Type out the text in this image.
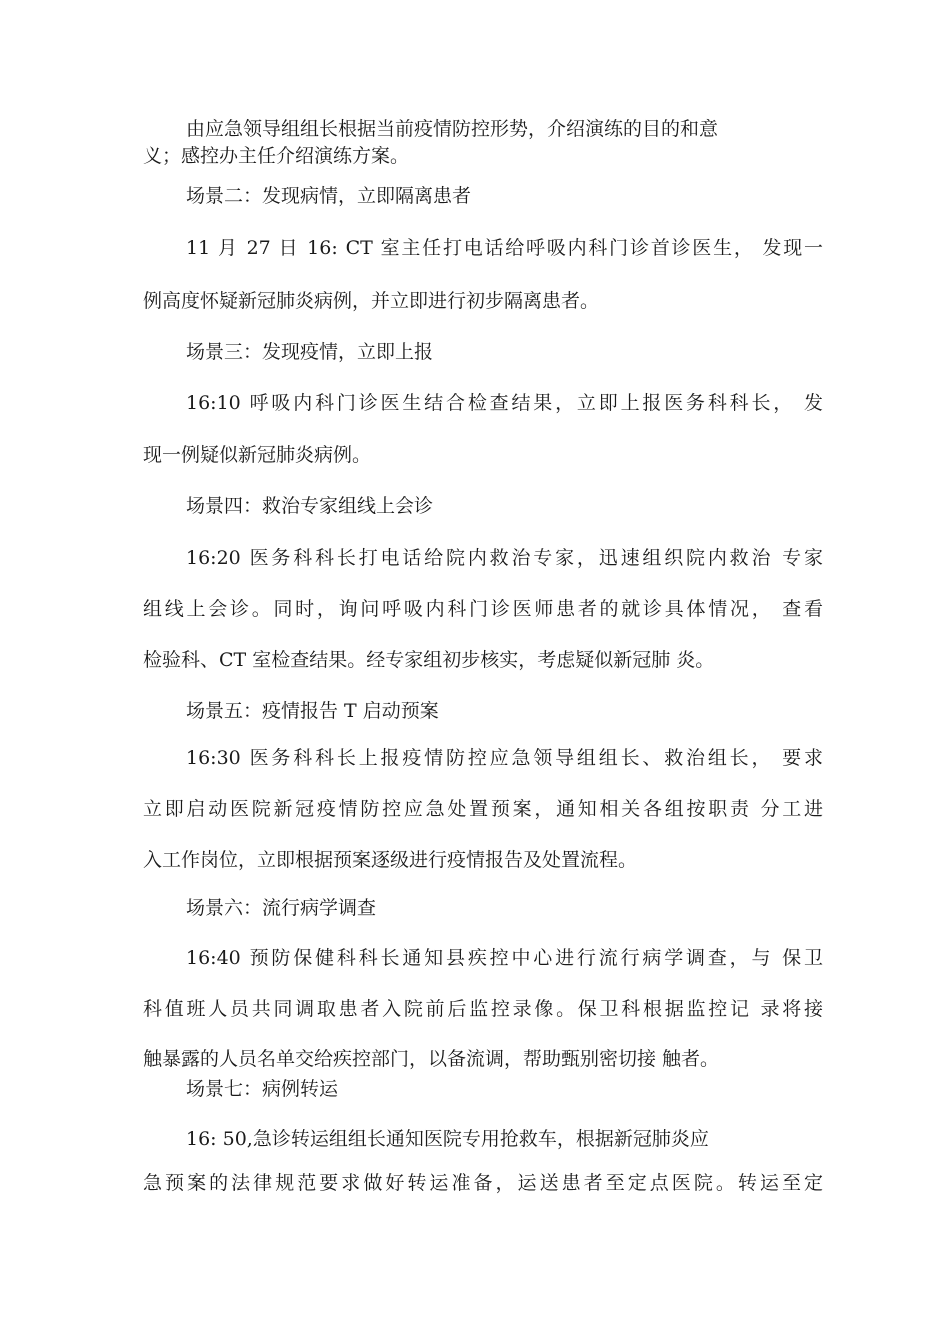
由应急领导组组长根据当前疫情防控形势，介绍演练的目的和意
义；感控办主任介绍演练方案。
场景二：发现病情，立即隔离患者
11 月 27 日 16: CT 室主任打电话给呼吸内科门诊首诊医生， 发现一
例高度怀疑新冠肺炎病例，并立即进行初步隔离患者。
场景三：发现疫情，立即上报
16:10 呼吸内科门诊医生结合检查结果，立即上报医务科科长， 发
现一例疑似新冠肺炎病例。
场景四：救治专家组线上会诊
16:20 医务科科长打电话给院内救治专家，迅速组织院内救治 专家
组线上会诊。同时，询问呼吸内科门诊医师患者的就诊具体情况， 查看
检验科、CT 室检查结果。经专家组初步核实，考虑疑似新冠肺 炎。
场景五：疫情报告 T 启动预案
16:30 医务科科长上报疫情防控应急领导组组长、救治组长， 要求
立即启动医院新冠疫情防控应急处置预案，通知相关各组按职责 分工进
入工作岗位，立即根据预案逐级进行疫情报告及处置流程。
场景六：流行病学调查
16:40 预防保健科科长通知县疾控中心进行流行病学调查，与 保卫
科值班人员共同调取患者入院前后监控录像。保卫科根据监控记 录将接
触暴露的人员名单交给疾控部门，以备流调，帮助甄别密切接 触者。
场景七：病例转运
16: 50,急诊转运组组长通知医院专用抢救车，根据新冠肺炎应
急预案的法律规范要求做好转运准备，运送患者至定点医院。转运至定
